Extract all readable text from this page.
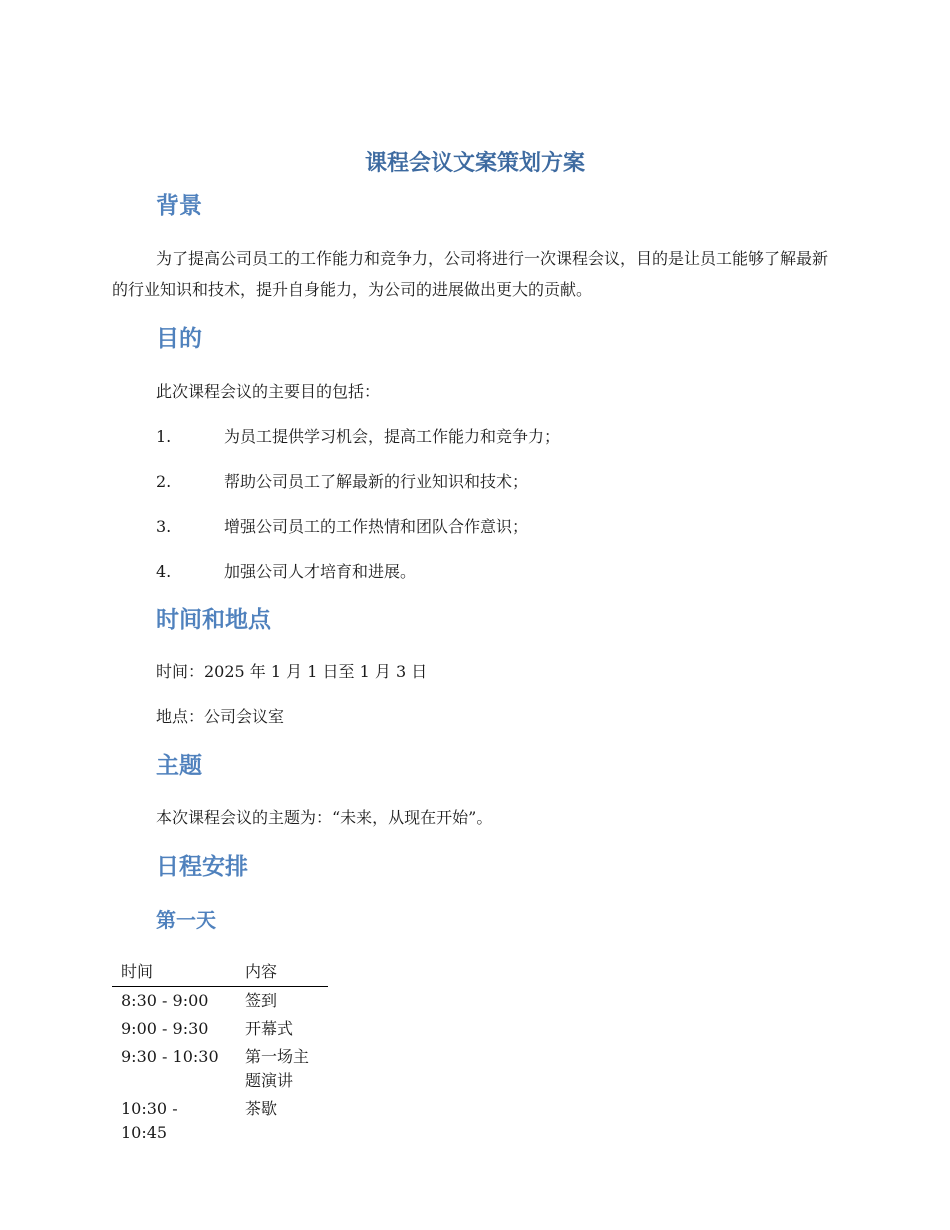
课程会议文案策划方案
背景
为了提高公司员工的工作能力和竞争力，公司将进行一次课程会议，目的是让员工能够了解最新的行业知识和技术，提升自身能力，为公司的进展做出更大的贡献。
目的
此次课程会议的主要目的包括：
1.	为员工提供学习机会，提高工作能力和竞争力；
2.	帮助公司员工了解最新的行业知识和技术；
3.	增强公司员工的工作热情和团队合作意识；
4.	加强公司人才培育和进展。
时间和地点
时间：2025 年 1 月 1 日至 1 月 3 日
地点：公司会议室
主题
本次课程会议的主题为：“未来，从现在开始”。
日程安排
第一天
时间	内容
8:30 - 9:00	签到
9:00 - 9:30	开幕式
9:30 - 10:30	第一场主题演讲
10:30 - 10:45	茶歇
